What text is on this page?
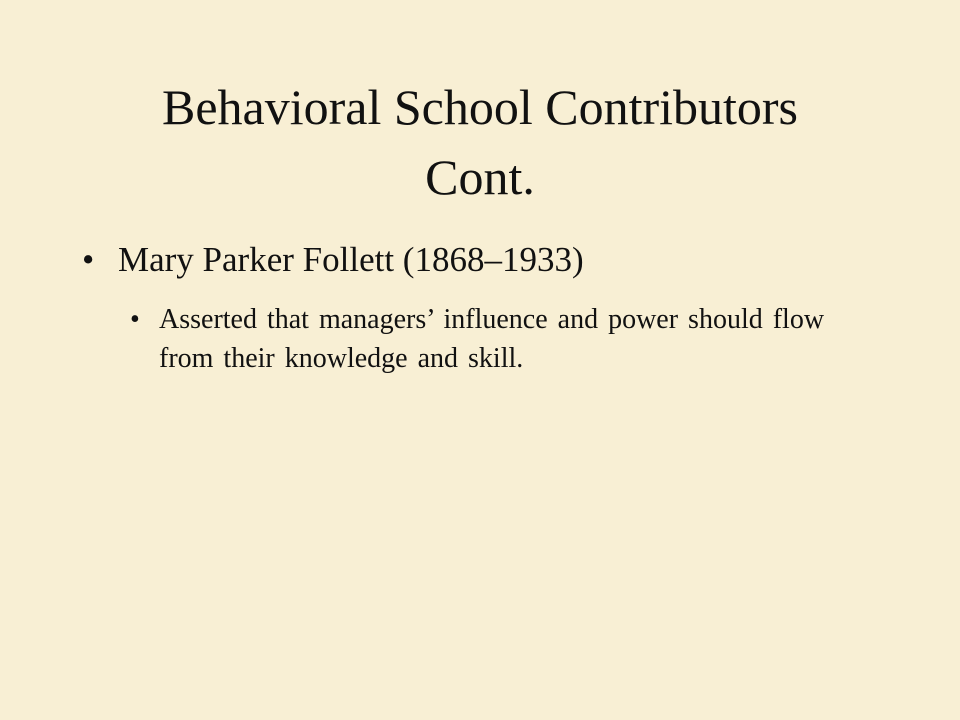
Behavioral School Contributors
Cont.
• Mary Parker Follett (1868–1933)
• Asserted that managers’ influence and power should flow from their knowledge and skill.
